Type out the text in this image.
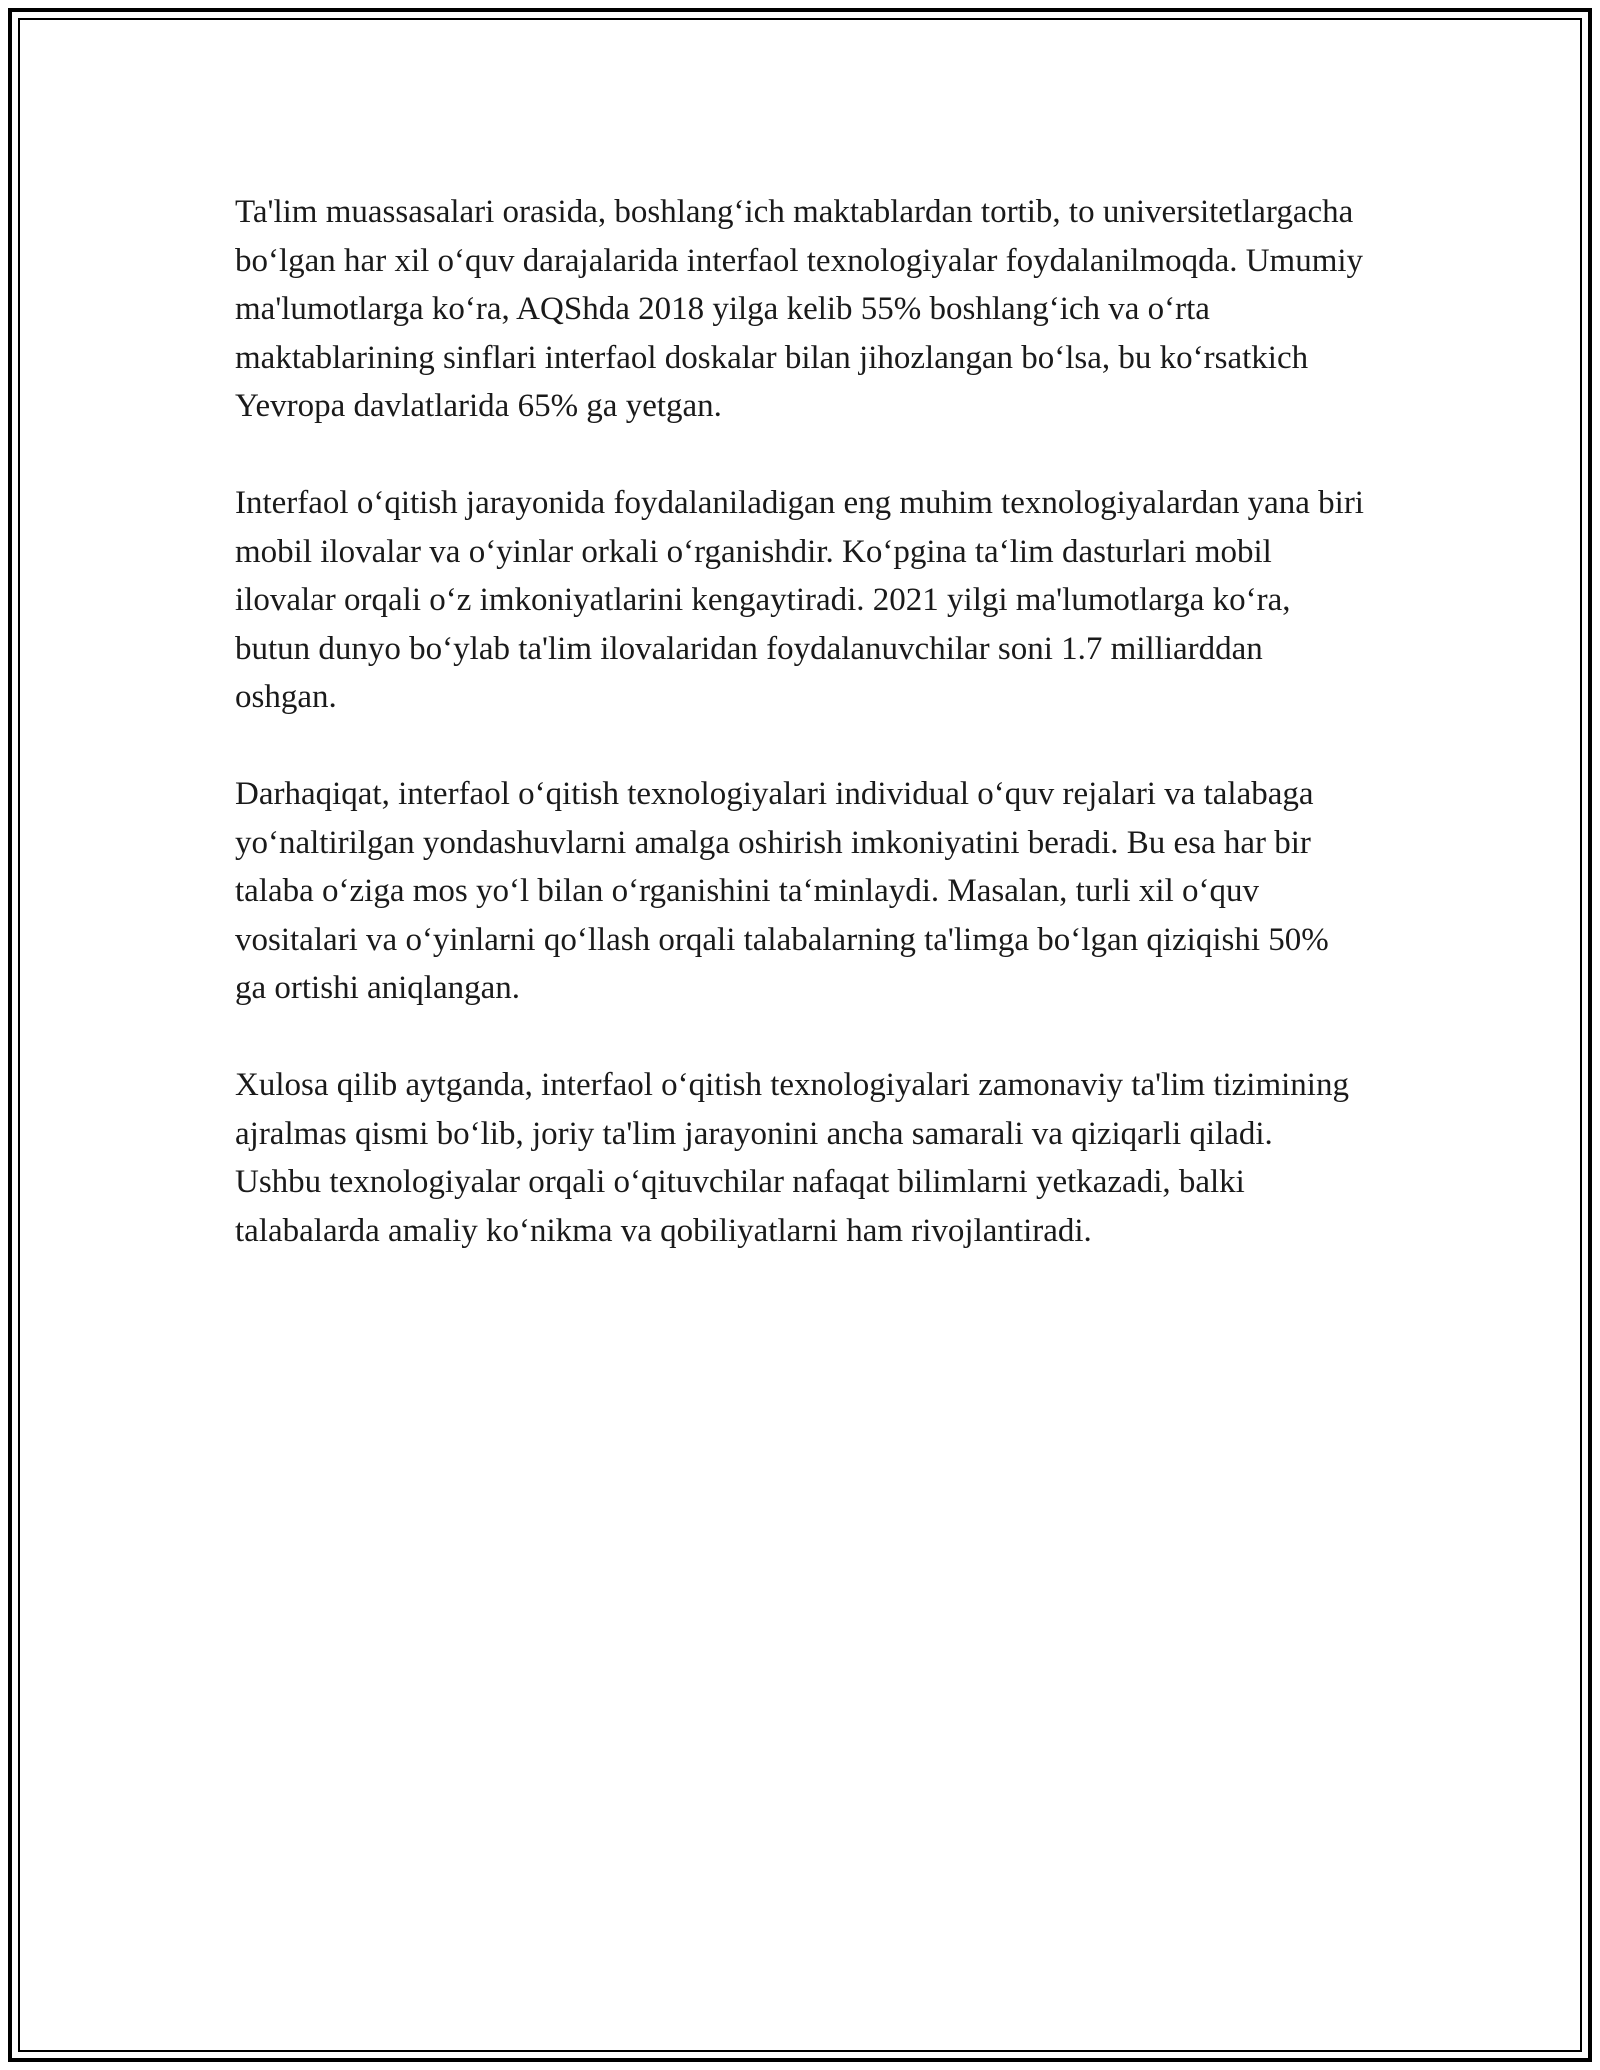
Ta'lim muassasalari orasida, boshlang‘ich maktablardan tortib, to universitetlargacha bo‘lgan har xil o‘quv darajalarida interfaol texnologiyalar foydalanilmoqda. Umumiy ma'lumotlarga ko‘ra, AQShda 2018 yilga kelib 55% boshlang‘ich va o‘rta maktablarining sinflari interfaol doskalar bilan jihozlangan bo‘lsa, bu ko‘rsatkich Yevropa davlatlarida 65% ga yetgan.

Interfaol o‘qitish jarayonida foydalaniladigan eng muhim texnologiyalardan yana biri mobil ilovalar va o‘yinlar orkali o‘rganishdir. Ko‘pgina ta‘lim dasturlari mobil ilovalar orqali o‘z imkoniyatlarini kengaytiradi. 2021 yilgi ma'lumotlarga ko‘ra, butun dunyo bo‘ylab ta'lim ilovalaridan foydalanuvchilar soni 1.7 milliarddan oshgan.

Darhaqiqat, interfaol o‘qitish texnologiyalari individual o‘quv rejalari va talabaga yo‘naltirilgan yondashuvlarni amalga oshirish imkoniyatini beradi. Bu esa har bir talaba o‘ziga mos yo‘l bilan o‘rganishini ta‘minlaydi. Masalan, turli xil o‘quv vositalari va o‘yinlarni qo‘llash orqali talabalarning ta'limga bo‘lgan qiziqishi 50% ga ortishi aniqlangan.

Xulosa qilib aytganda, interfaol o‘qitish texnologiyalari zamonaviy ta'lim tizimining ajralmas qismi bo‘lib, joriy ta'lim jarayonini ancha samarali va qiziqarli qiladi. Ushbu texnologiyalar orqali o‘qituvchilar nafaqat bilimlarni yetkazadi, balki talabalarda amaliy ko‘nikma va qobiliyatlarni ham rivojlantiradi.
